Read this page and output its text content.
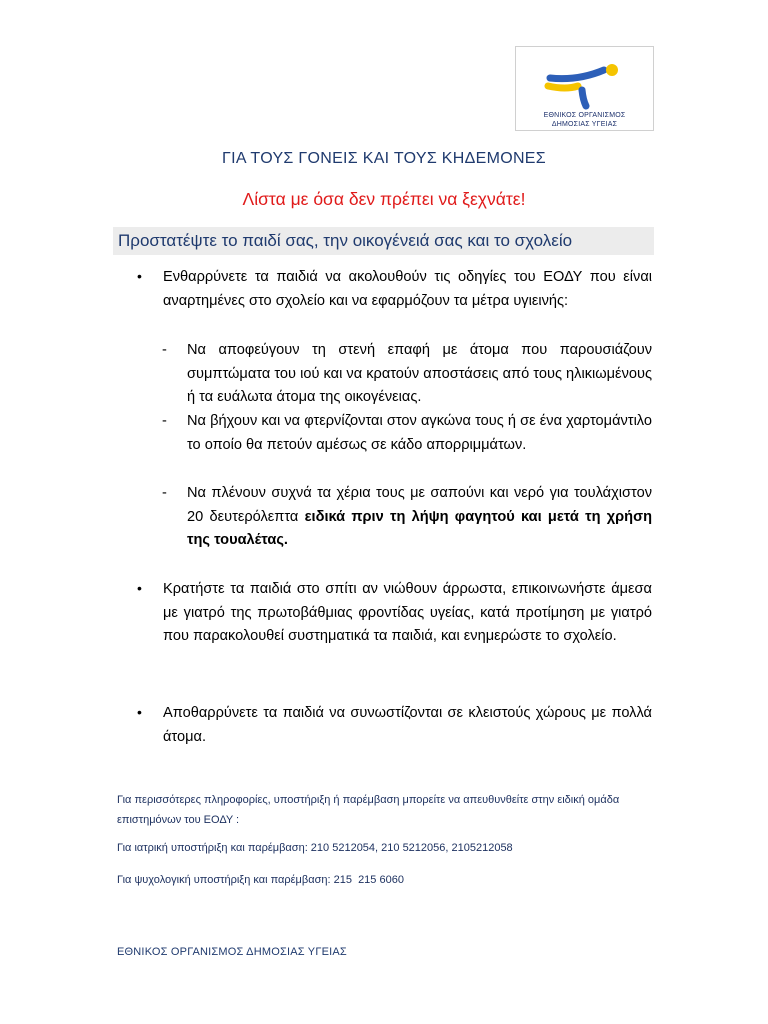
ΕΘΝΙΚΟΣ ΟΡΓΑΝΙΣΜΟΣ
ΔΗΜΟΣΙΑΣ ΥΓΕΙΑΣ
ΓΙΑ ΤΟΥΣ ΓΟΝΕΙΣ ΚΑΙ ΤΟΥΣ ΚΗΔΕΜΟΝΕΣ
Λίστα με όσα δεν πρέπει να ξεχνάτε!
Προστατέψτε το παιδί σας, την οικογένειά σας και το σχολείο
• Ενθαρρύνετε τα παιδιά να ακολουθούν τις οδηγίες του ΕΟΔΥ που είναι αναρτημένες στο σχολείο και να εφαρμόζουν τα μέτρα υγιεινής:
- Να αποφεύγουν τη στενή επαφή με άτομα που παρουσιάζουν συμπτώματα του ιού και να κρατούν αποστάσεις από τους ηλικιωμένους ή τα ευάλωτα άτομα της οικογένειας.
- Να βήχουν και να φτερνίζονται στον αγκώνα τους ή σε ένα χαρτομάντιλο το οποίο θα πετούν αμέσως σε κάδο απορριμμάτων.
- Να πλένουν συχνά τα χέρια τους με σαπούνι και νερό για τουλάχιστον 20 δευτερόλεπτα ειδικά πριν τη λήψη φαγητού και μετά τη χρήση της τουαλέτας.
• Κρατήστε τα παιδιά στο σπίτι αν νιώθουν άρρωστα, επικοινωνήστε άμεσα με γιατρό της πρωτοβάθμιας φροντίδας υγείας, κατά προτίμηση με γιατρό που παρακολουθεί συστηματικά τα παιδιά, και ενημερώστε το σχολείο.
• Αποθαρρύνετε τα παιδιά να συνωστίζονται σε κλειστούς χώρους με πολλά άτομα.
Για περισσότερες πληροφορίες, υποστήριξη ή παρέμβαση μπορείτε να απευθυνθείτε στην ειδική ομάδα επιστημόνων του ΕΟΔΥ :
Για ιατρική υποστήριξη και παρέμβαση: 210 5212054, 210 5212056, 2105212058
Για ψυχολογική υποστήριξη και παρέμβαση: 215  215 6060
ΕΘΝΙΚΟΣ ΟΡΓΑΝΙΣΜΟΣ ΔΗΜΟΣΙΑΣ ΥΓΕΙΑΣ
